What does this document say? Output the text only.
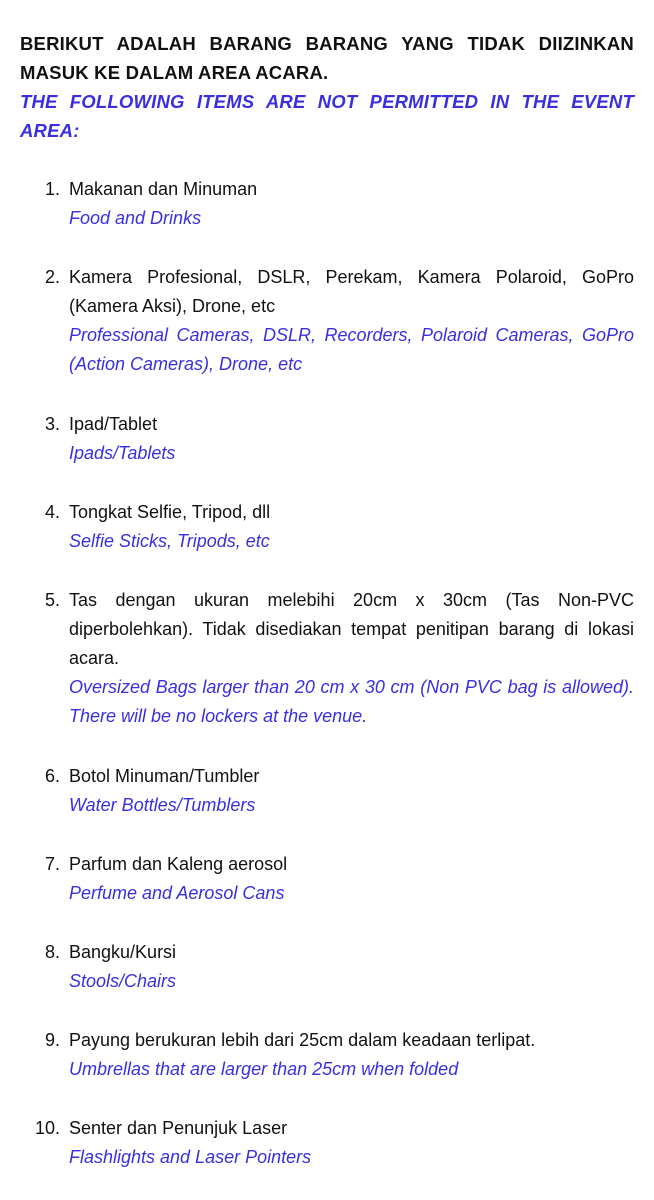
BERIKUT ADALAH BARANG BARANG YANG TIDAK DIIZINKAN MASUK KE DALAM AREA ACARA.

THE FOLLOWING ITEMS ARE NOT PERMITTED IN THE EVENT AREA:

1. Makanan dan Minuman

Food and Drinks

2. Kamera Profesional, DSLR, Perekam, Kamera Polaroid, GoPro (Kamera Aksi), Drone, etc

Professional Cameras, DSLR, Recorders, Polaroid Cameras, GoPro (Action Cameras), Drone, etc

3. Ipad/Tablet

Ipads/Tablets

4. Tongkat Selfie, Tripod, dll

Selfie Sticks, Tripods, etc

5. Tas dengan ukuran melebihi 20cm x 30cm (Tas Non-PVC diperbolehkan). Tidak disediakan tempat penitipan barang di lokasi acara.

Oversized Bags larger than 20 cm x 30 cm (Non PVC bag is allowed). There will be no lockers at the venue.

6. Botol Minuman/Tumbler

Water Bottles/Tumblers

7. Parfum dan Kaleng aerosol

Perfume and Aerosol Cans

8. Bangku/Kursi

Stools/Chairs

9. Payung berukuran lebih dari 25cm dalam keadaan terlipat.

Umbrellas that are larger than 25cm when folded

10. Senter dan Penunjuk Laser

Flashlights and Laser Pointers
